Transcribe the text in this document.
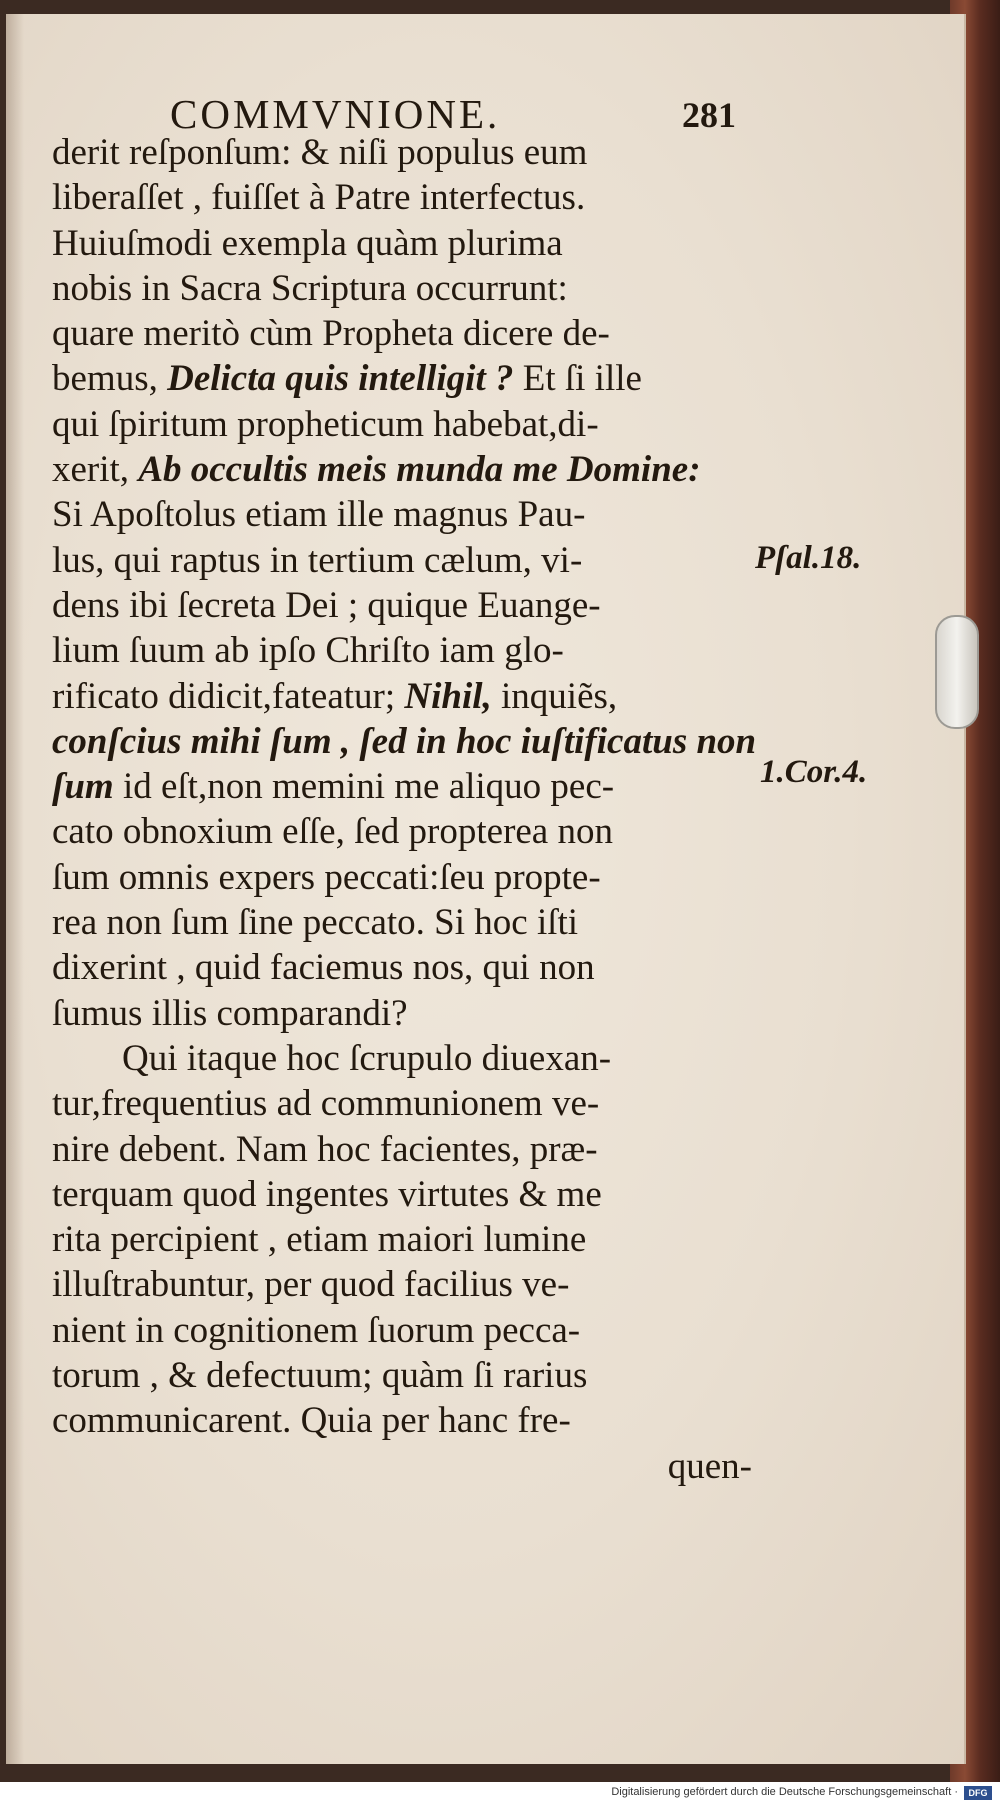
COMMVNIONE.	281
derit reſponſum: & niſi populus eum
liberaſſet , fuiſſet à Patre interfectus.
Huiuſmodi exempla quàm plurima
nobis in Sacra Scriptura occurrunt:
quare meritò cùm Propheta dicere de-
bemus, Delicta quis intelligit ? Et ſi ille
qui ſpiritum propheticum habebat,di-
xerit, Ab occultis meis munda me Domine:
Si Apoſtolus etiam ille magnus Pau-
lus, qui raptus in tertium cælum, vi-
dens ibi ſecreta Dei ; quique Euange-
lium ſuum ab ipſo Chriſto iam glo-
rificato didicit,fateatur; Nihil, inquiẽs,
conſcius mihi ſum , ſed in hoc iuſtificatus non
ſum id eſt,non memini me aliquo pec-
cato obnoxium eſſe, ſed propterea non
ſum omnis expers peccati:ſeu propte-
rea non ſum ſine peccato. Si hoc iſti
dixerint , quid faciemus nos, qui non
ſumus illis comparandi?
Qui itaque hoc ſcrupulo diuexan-
tur,frequentius ad communionem ve-
nire debent. Nam hoc facientes, præ-
terquam quod ingentes virtutes & me
rita percipient , etiam maiori lumine
illuſtrabuntur, per quod facilius ve-
nient in cognitionem ſuorum pecca-
torum , & defectuum; quàm ſi rarius
communicarent. Quia per hanc fre-
quen-
Pſal.18.
1.Cor.4.
Digitalisierung gefördert durch die Deutsche Forschungsgemeinschaft ·	DFG
